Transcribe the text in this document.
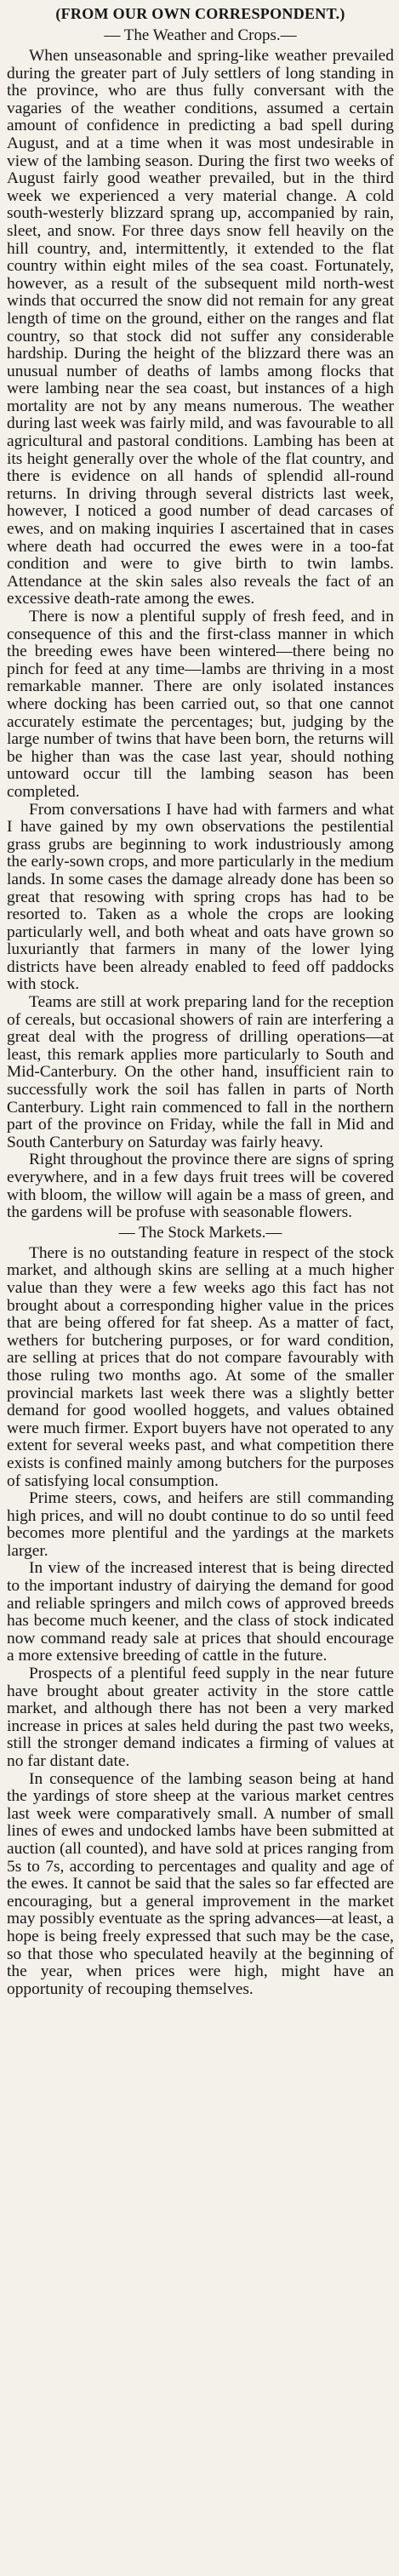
(FROM OUR OWN CORRESPONDENT.)
— The Weather and Crops.—

When unseasonable and spring-like weather prevailed during the greater part of July settlers of long standing in the province, who are thus fully conversant with the vagaries of the weather conditions, assumed a certain amount of confidence in predicting a bad spell during August, and at a time when it was most undesirable in view of the lambing season. During the first two weeks of August fairly good weather prevailed, but in the third week we experienced a very material change. A cold south-westerly blizzard sprang up, accompanied by rain, sleet, and snow. For three days snow fell heavily on the hill country, and, intermittently, it extended to the flat country within eight miles of the sea coast. Fortunately, however, as a result of the subsequent mild north-west winds that occurred the snow did not remain for any great length of time on the ground, either on the ranges and flat country, so that stock did not suffer any considerable hardship. During the height of the blizzard there was an unusual number of deaths of lambs among flocks that were lambing near the sea coast, but instances of a high mortality are not by any means numerous. The weather during last week was fairly mild, and was favourable to all agricultural and pastoral conditions. Lambing has been at its height generally over the whole of the flat country, and there is evidence on all hands of splendid all-round returns. In driving through several districts last week, however, I noticed a good number of dead carcases of ewes, and on making inquiries I ascertained that in cases where death had occurred the ewes were in a too-fat condition and were to give birth to twin lambs. Attendance at the skin sales also reveals the fact of an excessive death-rate among the ewes.

There is now a plentiful supply of fresh feed, and in consequence of this and the first-class manner in which the breeding ewes have been wintered—there being no pinch for feed at any time—lambs are thriving in a most remarkable manner. There are only isolated instances where docking has been carried out, so that one cannot accurately estimate the percentages; but, judging by the large number of twins that have been born, the returns will be higher than was the case last year, should nothing untoward occur till the lambing season has been completed.

From conversations I have had with farmers and what I have gained by my own observations the pestilential grass grubs are beginning to work industriously among the early-sown crops, and more particularly in the medium lands. In some cases the damage already done has been so great that resowing with spring crops has had to be resorted to. Taken as a whole the crops are looking particularly well, and both wheat and oats have grown so luxuriantly that farmers in many of the lower lying districts have been already enabled to feed off paddocks with stock.

Teams are still at work preparing land for the reception of cereals, but occasional showers of rain are interfering a great deal with the progress of drilling operations—at least, this remark applies more particularly to South and Mid-Canterbury. On the other hand, insufficient rain to successfully work the soil has fallen in parts of North Canterbury. Light rain commenced to fall in the northern part of the province on Friday, while the fall in Mid and South Canterbury on Saturday was fairly heavy.

Right throughout the province there are signs of spring everywhere, and in a few days fruit trees will be covered with bloom, the willow will again be a mass of green, and the gardens will be profuse with seasonable flowers.

— The Stock Markets.—

There is no outstanding feature in respect of the stock market, and although skins are selling at a much higher value than they were a few weeks ago this fact has not brought about a corresponding higher value in the prices that are being offered for fat sheep. As a matter of fact, wethers for butchering purposes, or for ward condition, are selling at prices that do not compare favourably with those ruling two months ago. At some of the smaller provincial markets last week there was a slightly better demand for good woolled hoggets, and values obtained were much firmer. Export buyers have not operated to any extent for several weeks past, and what competition there exists is confined mainly among butchers for the purposes of satisfying local consumption.

Prime steers, cows, and heifers are still commanding high prices, and will no doubt continue to do so until feed becomes more plentiful and the yardings at the markets larger.

In view of the increased interest that is being directed to the important industry of dairying the demand for good and reliable springers and milch cows of approved breeds has become much keener, and the class of stock indicated now command ready sale at prices that should encourage a more extensive breeding of cattle in the future.

Prospects of a plentiful feed supply in the near future have brought about greater activity in the store cattle market, and although there has not been a very marked increase in prices at sales held during the past two weeks, still the stronger demand indicates a firming of values at no far distant date.

In consequence of the lambing season being at hand the yardings of store sheep at the various market centres last week were comparatively small. A number of small lines of ewes and undocked lambs have been submitted at auction (all counted), and have sold at prices ranging from 5s to 7s, according to percentages and quality and age of the ewes. It cannot be said that the sales so far effected are encouraging, but a general improvement in the market may possibly eventuate as the spring advances—at least, a hope is being freely expressed that such may be the case, so that those who speculated heavily at the beginning of the year, when prices were high, might have an opportunity of recouping themselves.
